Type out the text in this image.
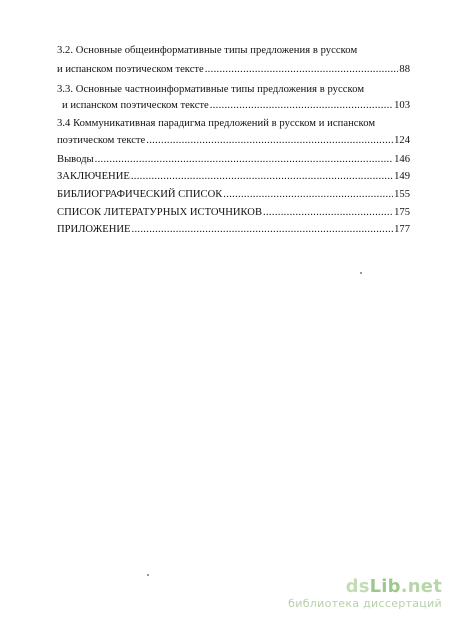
3.2. Основные общеинформативные типы предложения в русском
и испанском поэтическом тексте .....	88
3.3. Основные частноинформативные типы предложения в русском
и испанском поэтическом тексте .....	103
3.4 Коммуникативная парадигма предложений в русском и испанском
поэтическом тексте .....	124
Выводы .....	146
ЗАКЛЮЧЕНИЕ .....	149
БИБЛИОГРАФИЧЕСКИЙ СПИСОК .....	155
СПИСОК ЛИТЕРАТУРНЫХ ИСТОЧНИКОВ .....	175
ПРИЛОЖЕНИЕ .....	177
dsLib.net
библиотека диссертаций
